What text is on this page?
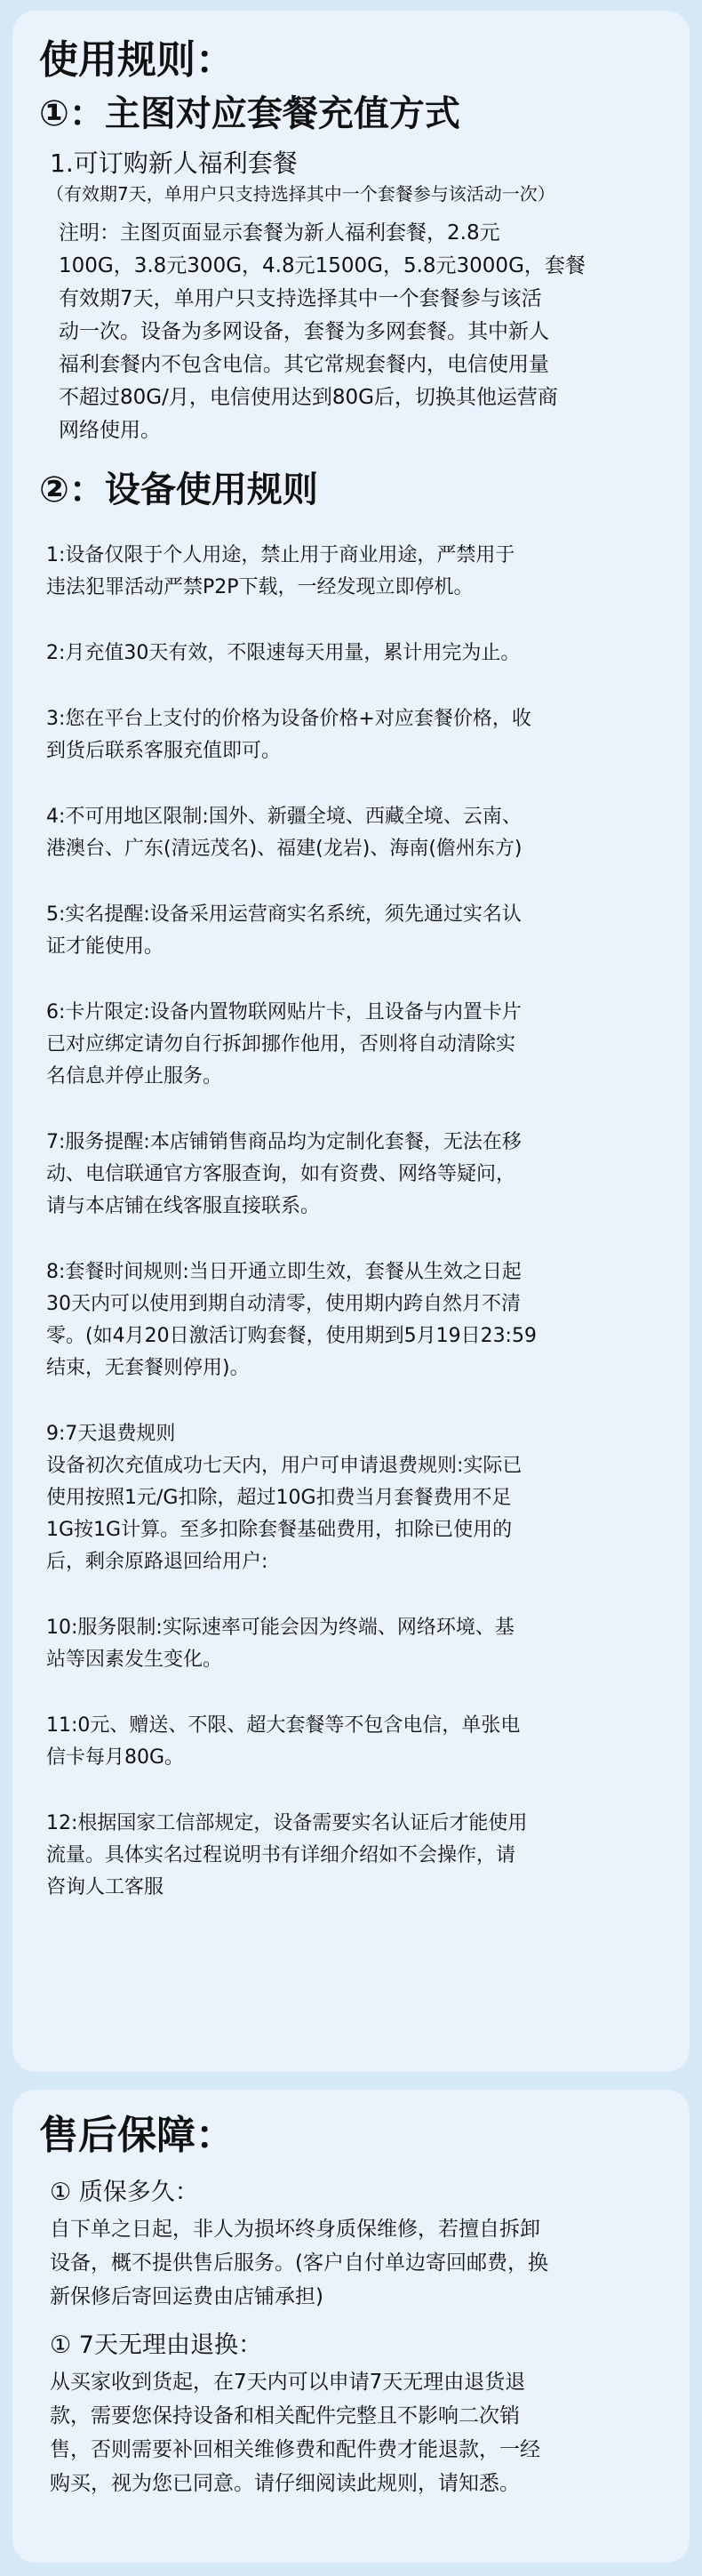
使用规则：
①：主图对应套餐充值方式
1.可订购新人福利套餐
（有效期7天，单用户只支持选择其中一个套餐参与该活动一次）
注明：主图页面显示套餐为新人福利套餐，2.8元
100G，3.8元300G，4.8元1500G，5.8元3000G，套餐
有效期7天，单用户只支持选择其中一个套餐参与该活
动一次。设备为多网设备，套餐为多网套餐。其中新人
福利套餐内不包含电信。其它常规套餐内，电信使用量
不超过80G/月，电信使用达到80G后，切换其他运营商
网络使用。
②：设备使用规则
1:设备仅限于个人用途，禁止用于商业用途，严禁用于
违法犯罪活动严禁P2P下载，一经发现立即停机。
2:月充值30天有效，不限速每天用量，累计用完为止。
3:您在平台上支付的价格为设备价格+对应套餐价格，收
到货后联系客服充值即可。
4:不可用地区限制:国外、新疆全境、西藏全境、云南、
港澳台、广东(清远茂名)、福建(龙岩)、海南(儋州东方)
5:实名提醒:设备采用运营商实名系统，须先通过实名认
证才能使用。
6:卡片限定:设备内置物联网贴片卡，且设备与内置卡片
已对应绑定请勿自行拆卸挪作他用，否则将自动清除实
名信息并停止服务。
7:服务提醒:本店铺销售商品均为定制化套餐，无法在移
动、电信联通官方客服查询，如有资费、网络等疑问，
请与本店铺在线客服直接联系。
8:套餐时间规则:当日开通立即生效，套餐从生效之日起
30天内可以使用到期自动清零，使用期内跨自然月不清
零。(如4月20日激活订购套餐，使用期到5月19日23:59
结束，无套餐则停用)。
9:7天退费规则
设备初次充值成功七天内，用户可申请退费规则:实际已
使用按照1元/G扣除，超过10G扣费当月套餐费用不足
1G按1G计算。至多扣除套餐基础费用，扣除已使用的
后，剩余原路退回给用户:
10:服务限制:实际速率可能会因为终端、网络环境、基
站等因素发生变化。
11:0元、赠送、不限、超大套餐等不包含电信，单张电
信卡每月80G。
12:根据国家工信部规定，设备需要实名认证后才能使用
流量。具体实名过程说明书有详细介绍如不会操作，请
咨询人工客服
售后保障：
① 质保多久：
自下单之日起，非人为损坏终身质保维修，若擅自拆卸
设备，概不提供售后服务。(客户自付单边寄回邮费，换
新保修后寄回运费由店铺承担)
① 7天无理由退换：
从买家收到货起，在7天内可以申请7天无理由退货退
款，需要您保持设备和相关配件完整且不影响二次销
售，否则需要补回相关维修费和配件费才能退款，一经
购买，视为您已同意。请仔细阅读此规则，请知悉。
